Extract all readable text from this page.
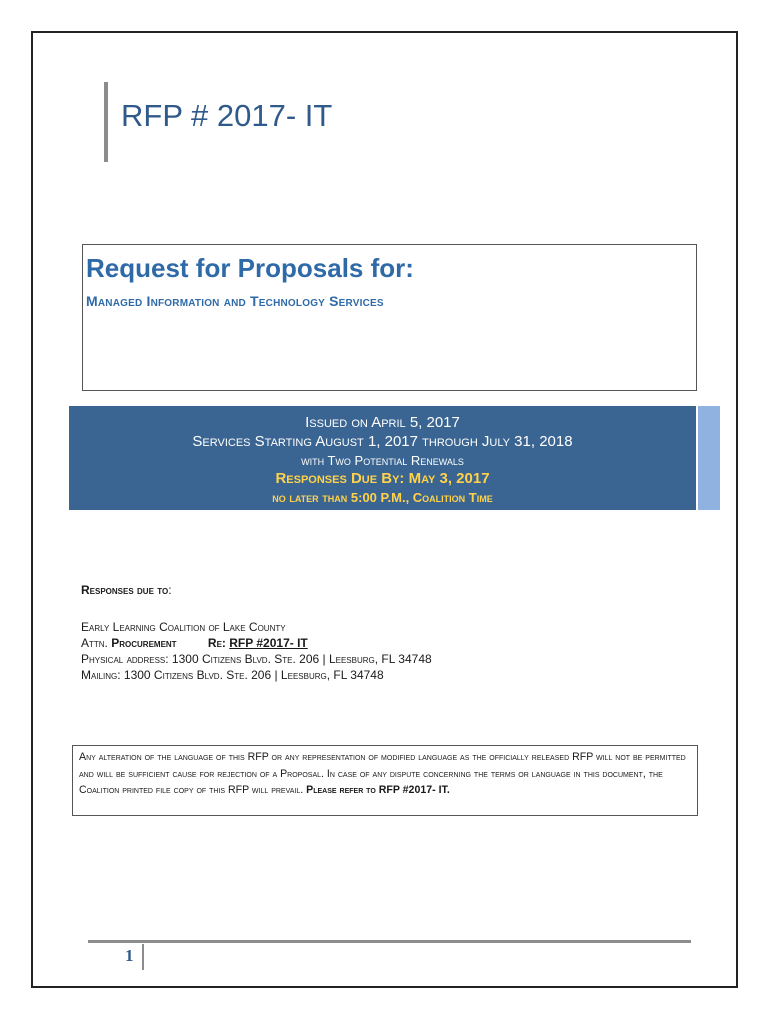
RFP # 2017- IT
Request for Proposals for:
Managed Information and Technology Services
Issued on April 5, 2017
Services Starting August 1, 2017 through July 31, 2018
with Two Potential Renewals
Responses Due By: May 3, 2017
no later than 5:00 P.M., Coalition Time
Responses due to:
Early Learning Coalition of Lake County
Attn. Procurement	Re: RFP #2017- IT
Physical address: 1300 Citizens Blvd. Ste. 206 | Leesburg, FL 34748
Mailing: 1300 Citizens Blvd. Ste. 206 | Leesburg, FL 34748
Any alteration of the language of this RFP or any representation of modified language as the officially released RFP will not be permitted and will be sufficient cause for rejection of a Proposal. In case of any dispute concerning the terms or language in this document, the Coalition printed file copy of this RFP will prevail. Please refer to RFP #2017- IT.
1
